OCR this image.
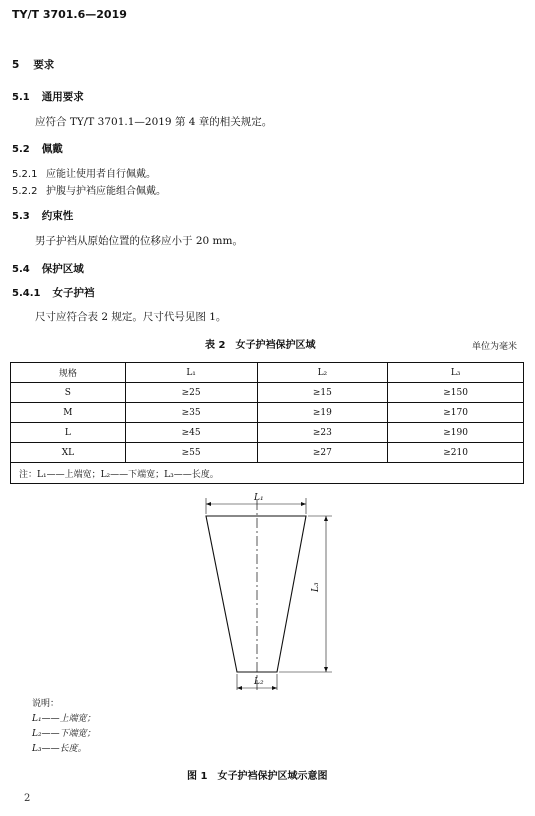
TY/T 3701.6—2019
5 要求
5.1 通用要求
应符合 TY/T 3701.1—2019 第 4 章的相关规定。
5.2 佩戴
5.2.1 应能让使用者自行佩戴。
5.2.2 护腹与护裆应能组合佩戴。
5.3 约束性
男子护裆从原始位置的位移应小于 20 mm。
5.4 保护区域
5.4.1 女子护裆
尺寸应符合表 2 规定。尺寸代号见图 1。
表 2　女子护裆保护区域	单位为毫米
规格	L₁	L₂	L₃
S	≥25	≥15	≥150
M	≥35	≥19	≥170
L	≥45	≥23	≥190
XL	≥55	≥27	≥210
注：L₁——上端宽；L₂——下端宽；L₃——长度。			
L₁
L₂
L₃
说明：
L₁——上端宽；
L₂——下端宽；
L₃——长度。
图 1　女子护裆保护区域示意图
2
